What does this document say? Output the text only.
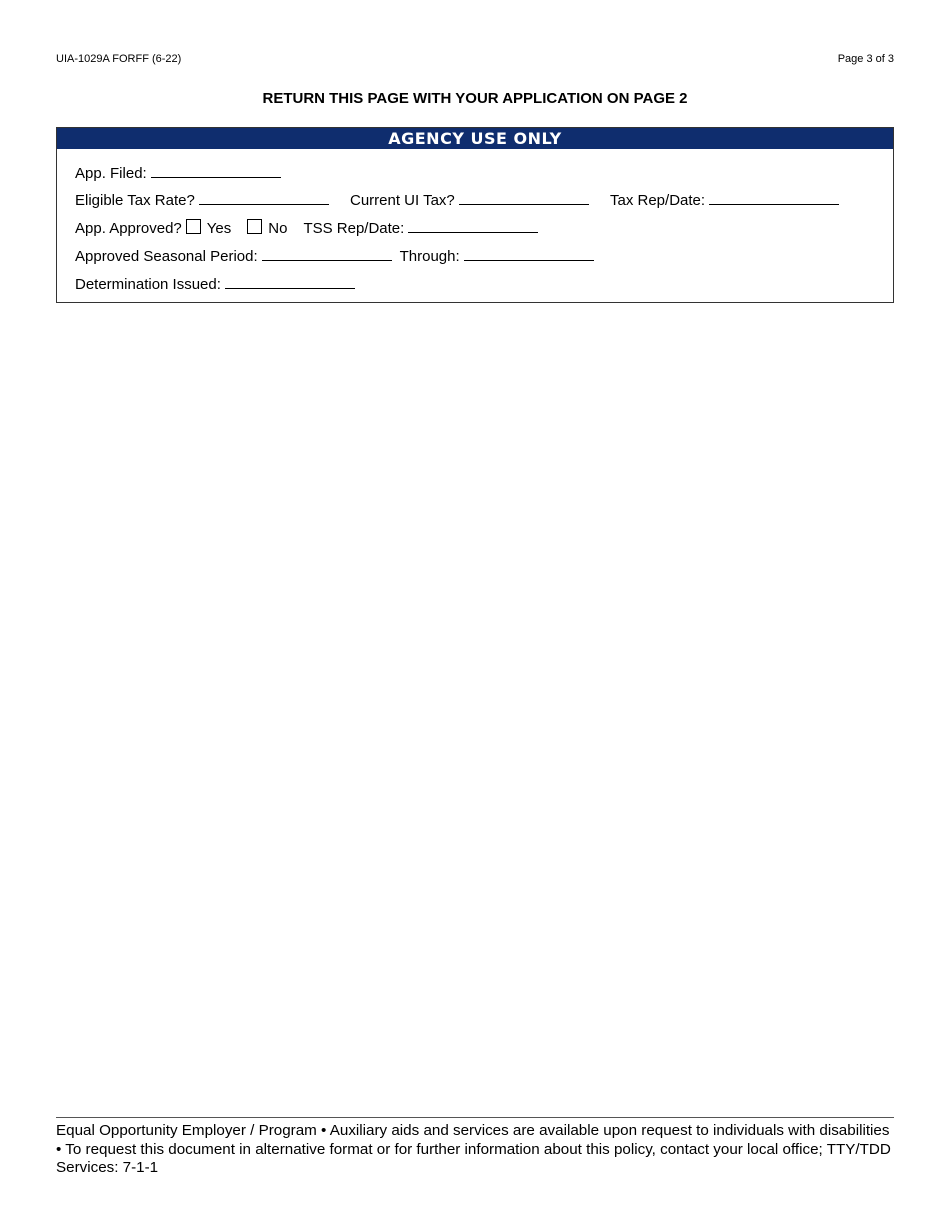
UIA-1029A FORFF (6-22)	Page 3 of 3
RETURN THIS PAGE WITH YOUR APPLICATION ON PAGE 2
AGENCY USE ONLY
App. Filed:
Eligible Tax Rate?	Current UI Tax?	Tax Rep/Date:
App. Approved? Yes No TSS Rep/Date:
Approved Seasonal Period:	Through:
Determination Issued:
Equal Opportunity Employer / Program • Auxiliary aids and services are available upon request to individuals with disabilities • To request this document in alternative format or for further information about this policy, contact your local office; TTY/TDD Services: 7-1-1
